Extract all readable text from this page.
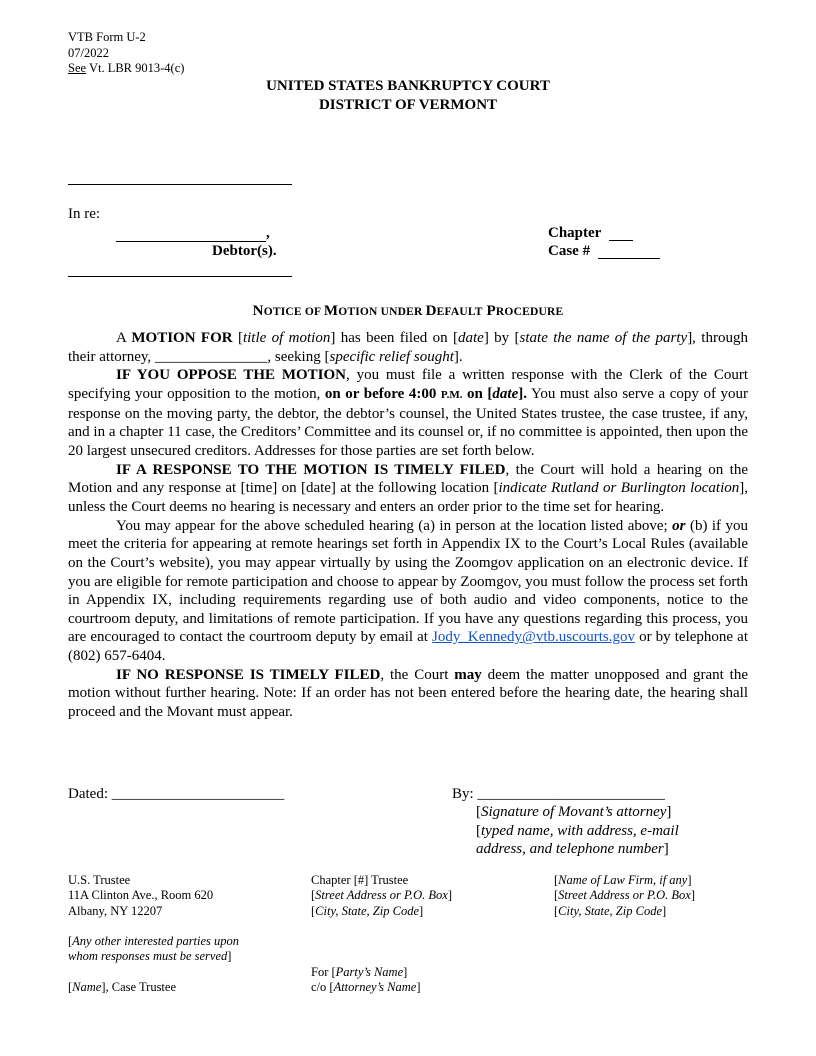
VTB Form U-2
07/2022
See Vt. LBR 9013-4(c)
UNITED STATES BANKRUPTCY COURT
DISTRICT OF VERMONT
In re:
,
Debtor(s).
Chapter
Case #
NOTICE OF MOTION UNDER DEFAULT PROCEDURE

A MOTION FOR [title of motion] has been filed on [date] by [state the name of the party], through their attorney, _______________, seeking [specific relief sought].

IF YOU OPPOSE THE MOTION, you must file a written response with the Clerk of the Court specifying your opposition to the motion, on or before 4:00 P.M. on [date]. You must also serve a copy of your response on the moving party, the debtor, the debtor’s counsel, the United States trustee, the case trustee, if any, and in a chapter 11 case, the Creditors’ Committee and its counsel or, if no committee is appointed, then upon the 20 largest unsecured creditors. Addresses for those parties are set forth below.

IF A RESPONSE TO THE MOTION IS TIMELY FILED, the Court will hold a hearing on the Motion and any response at [time] on [date] at the following location [indicate Rutland or Burlington location], unless the Court deems no hearing is necessary and enters an order prior to the time set for hearing.

You may appear for the above scheduled hearing (a) in person at the location listed above; or (b) if you meet the criteria for appearing at remote hearings set forth in Appendix IX to the Court’s Local Rules (available on the Court’s website), you may appear virtually by using the Zoomgov application on an electronic device. If you are eligible for remote participation and choose to appear by Zoomgov, you must follow the process set forth in Appendix IX, including requirements regarding use of both audio and video components, notice to the courtroom deputy, and limitations of remote participation. If you have any questions regarding this process, you are encouraged to contact the courtroom deputy by email at Jody_Kennedy@vtb.uscourts.gov or by telephone at (802) 657-6404.

IF NO RESPONSE IS TIMELY FILED, the Court may deem the matter unopposed and grant the motion without further hearing. Note: If an order has not been entered before the hearing date, the hearing shall proceed and the Movant must appear.

Dated: _______________________	By: _________________________
[Signature of Movant’s attorney]
[typed name, with address, e-mail
address, and telephone number]
U.S. Trustee
11A Clinton Ave., Room 620
Albany, NY 12207
Chapter [#] Trustee
[Street Address or P.O. Box]
[City, State, Zip Code]
[Name of Law Firm, if any]
[Street Address or P.O. Box]
[City, State, Zip Code]
[Any other interested parties upon
whom responses must be served]
[Name], Case Trustee
For [Party’s Name]
c/o [Attorney’s Name]
